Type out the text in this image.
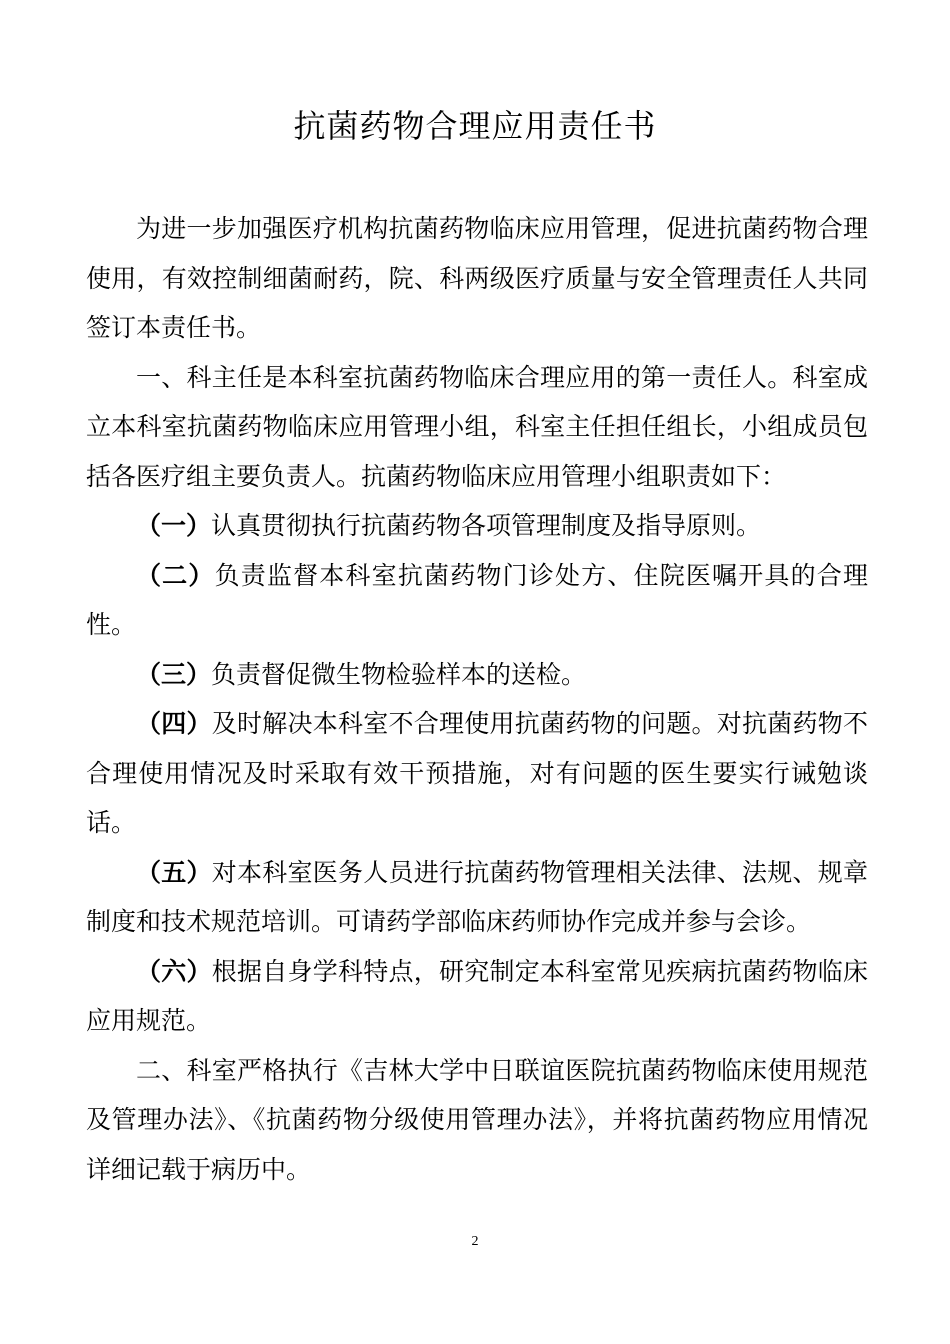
抗菌药物合理应用责任书

为进一步加强医疗机构抗菌药物临床应用管理，促进抗菌药物合理使用，有效控制细菌耐药，院、科两级医疗质量与安全管理责任人共同签订本责任书。

一、科主任是本科室抗菌药物临床合理应用的第一责任人。科室成立本科室抗菌药物临床应用管理小组，科室主任担任组长，小组成员包括各医疗组主要负责人。抗菌药物临床应用管理小组职责如下：

（一）认真贯彻执行抗菌药物各项管理制度及指导原则。

（二）负责监督本科室抗菌药物门诊处方、住院医嘱开具的合理性。

（三）负责督促微生物检验样本的送检。

（四）及时解决本科室不合理使用抗菌药物的问题。对抗菌药物不合理使用情况及时采取有效干预措施，对有问题的医生要实行诫勉谈话。

（五）对本科室医务人员进行抗菌药物管理相关法律、法规、规章制度和技术规范培训。可请药学部临床药师协作完成并参与会诊。

（六）根据自身学科特点，研究制定本科室常见疾病抗菌药物临床应用规范。

二、科室严格执行《吉林大学中日联谊医院抗菌药物临床使用规范及管理办法》、《抗菌药物分级使用管理办法》，并将抗菌药物应用情况详细记载于病历中。

2
